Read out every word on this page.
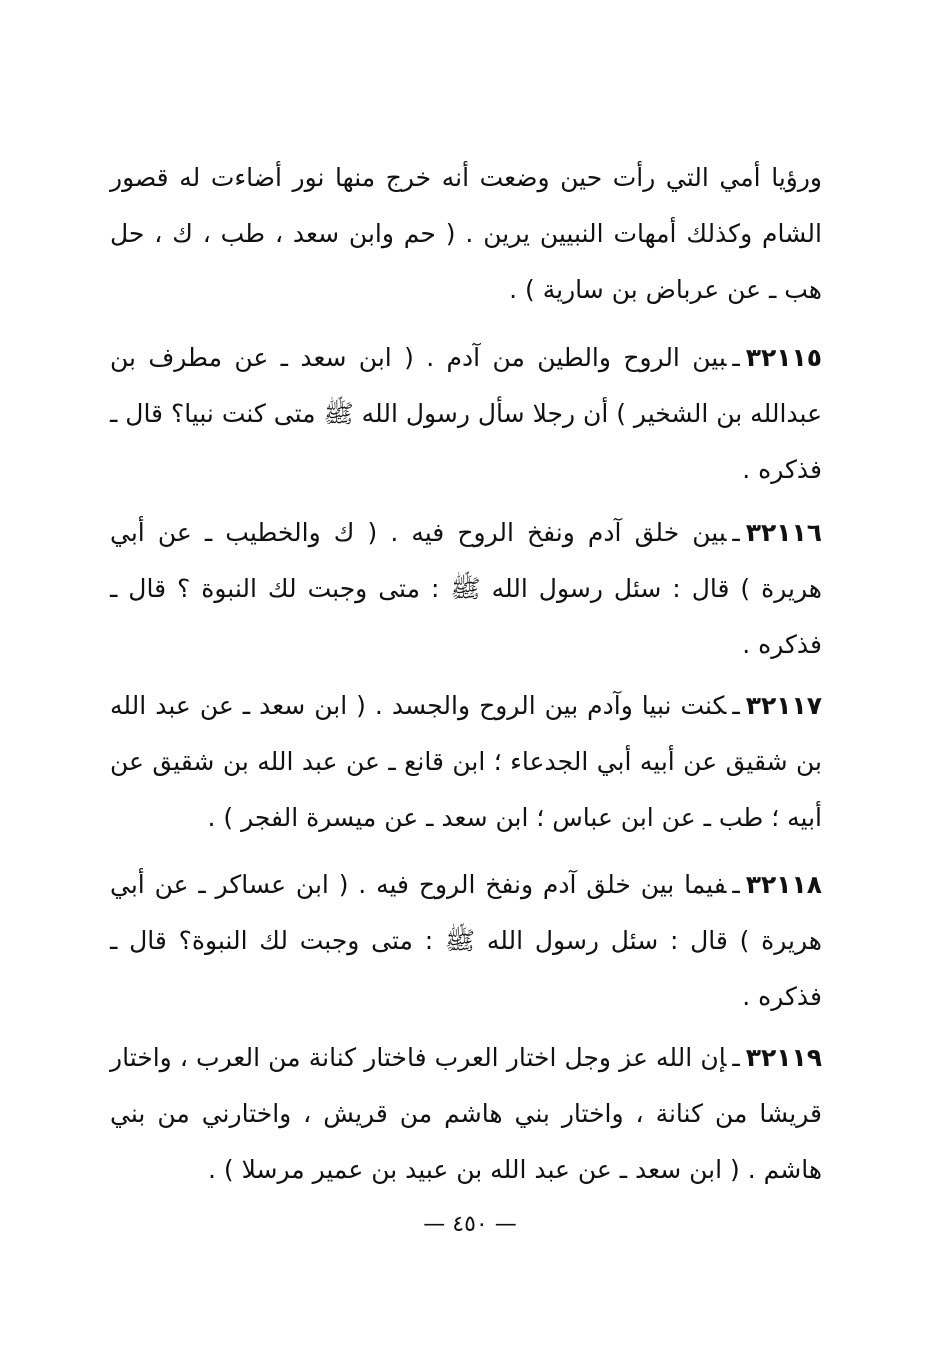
ورؤيا أمي التي رأت حين وضعت أنه خرج منها نور أضاءت له قصور الشام وكذلك أمهات النبيين يرين . ( حم وابن سعد ، طب ، ك ، حل هب ـ عن عرباض بن سارية ) .

٣٢١١٥ـبين الروح والطين من آدم . ( ابن سعد ـ عن مطرف بن عبدالله بن الشخير ) أن رجلا سأل رسول الله ﷺ متى كنت نبيا؟ قال ـ فذكره .

٣٢١١٦ـبين خلق آدم ونفخ الروح فيه . ( ك والخطيب ـ عن أبي هريرة ) قال : سئل رسول الله ﷺ : متى وجبت لك النبوة ؟ قال ـ فذكره .

٣٢١١٧ـكنت نبيا وآدم بين الروح والجسد . ( ابن سعد ـ عن عبد الله بن شقيق عن أبيه أبي الجدعاء ؛ ابن قانع ـ عن عبد الله بن شقيق عن أبيه ؛ طب ـ عن ابن عباس ؛ ابن سعد ـ عن ميسرة الفجر ) .

٣٢١١٨ـفيما بين خلق آدم ونفخ الروح فيه . ( ابن عساكر ـ عن أبي هريرة ) قال : سئل رسول الله ﷺ : متى وجبت لك النبوة؟ قال ـ فذكره .

٣٢١١٩ـإن الله عز وجل اختار العرب فاختار كنانة من العرب ، واختار قريشا من كنانة ، واختار بني هاشم من قريش ، واختارني من بني هاشم . ( ابن سعد ـ عن عبد الله بن عبيد بن عمير مرسلا ) .

— ٤٥٠ —
